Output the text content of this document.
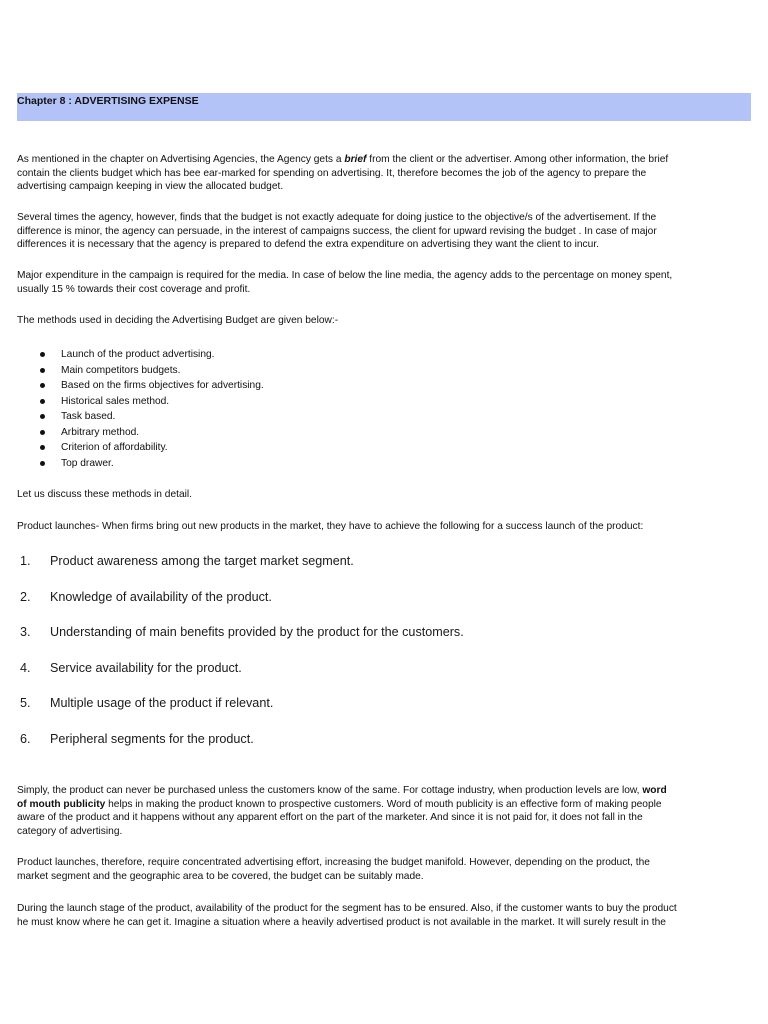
Chapter 8 : ADVERTISING EXPENSE

As mentioned in the chapter on Advertising Agencies, the Agency gets a brief from the client or the advertiser. Among other information, the brief
contain the clients budget which has bee ear-marked for spending on advertising. It, therefore becomes the job of the agency to prepare the
advertising campaign keeping in view the allocated budget.

Several times the agency, however, finds that the budget is not exactly adequate for doing justice to the objective/s of the advertisement. If the
difference is minor, the agency can persuade, in the interest of campaigns success, the client for upward revising the budget . In case of major
differences it is necessary that the agency is prepared to defend the extra expenditure on advertising they want the client to incur.

Major expenditure in the campaign is required for the media. In case of below the line media, the agency adds to the percentage on money spent,
usually 15 % towards their cost coverage and profit.

The methods used in deciding the Advertising Budget are given below:-

Launch of the product advertising.
Main competitors budgets.
Based on the firms objectives for advertising.
Historical sales method.
Task based.
Arbitrary method.
Criterion of affordability.
Top drawer.

Let us discuss these methods in detail.

Product launches- When firms bring out new products in the market, they have to achieve the following for a success launch of the product:

1. Product awareness among the target market segment.
2. Knowledge of availability of the product.
3. Understanding of main benefits provided by the product for the customers.
4. Service availability for the product.
5. Multiple usage of the product if relevant.
6. Peripheral segments for the product.

Simply, the product can never be purchased unless the customers know of the same. For cottage industry, when production levels are low, word
of mouth publicity helps in making the product known to prospective customers. Word of mouth publicity is an effective form of making people
aware of the product and it happens without any apparent effort on the part of the marketer. And since it is not paid for, it does not fall in the
category of advertising.

Product launches, therefore, require concentrated advertising effort, increasing the budget manifold. However, depending on the product, the
market segment and the geographic area to be covered, the budget can be suitably made.

During the launch stage of the product, availability of the product for the segment has to be ensured. Also, if the customer wants to buy the product
he must know where he can get it. Imagine a situation where a heavily advertised product is not available in the market. It will surely result in the
